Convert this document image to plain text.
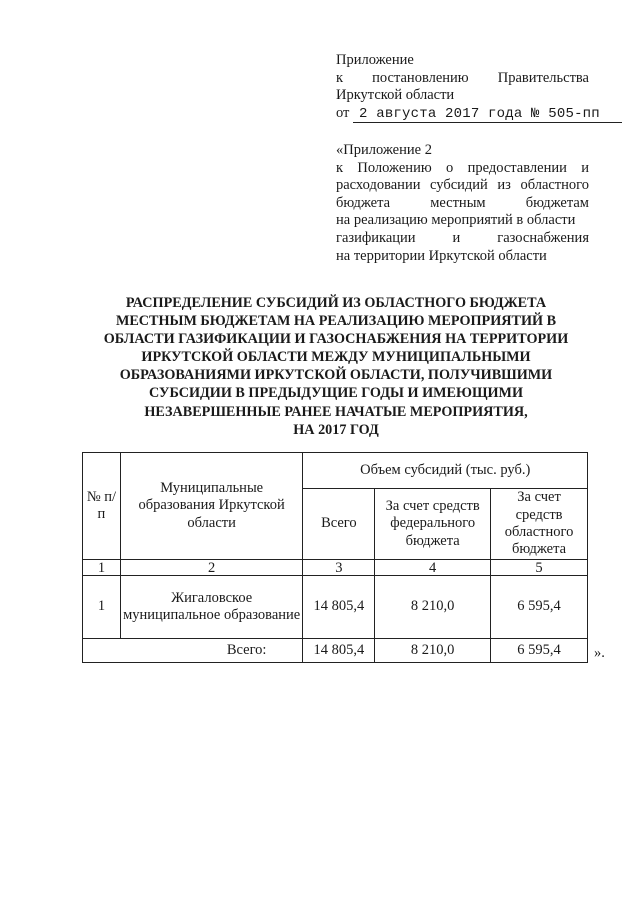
Приложение
к постановлению Правительства
Иркутской области
от 2 августа 2017 года № 505-пп
«Приложение 2
к Положению о предоставлении и
расходовании субсидий из областного
бюджета	местным	бюджетам
на реализацию мероприятий в области
газификации	и	газоснабжения
на территории Иркутской области
РАСПРЕДЕЛЕНИЕ СУБСИДИЙ ИЗ ОБЛАСТНОГО БЮДЖЕТА
МЕСТНЫМ БЮДЖЕТАМ НА РЕАЛИЗАЦИЮ МЕРОПРИЯТИЙ В
ОБЛАСТИ ГАЗИФИКАЦИИ И ГАЗОСНАБЖЕНИЯ НА ТЕРРИТОРИИ
ИРКУТСКОЙ ОБЛАСТИ МЕЖДУ МУНИЦИПАЛЬНЫМИ
ОБРАЗОВАНИЯМИ ИРКУТСКОЙ ОБЛАСТИ, ПОЛУЧИВШИМИ
СУБСИДИИ В ПРЕДЫДУЩИЕ ГОДЫ И ИМЕЮЩИМИ
НЕЗАВЕРШЕННЫЕ РАНЕЕ НАЧАТЫЕ МЕРОПРИЯТИЯ,
НА 2017 ГОД
№ п/п	Муниципальные образования Иркутской области	Объем субсидий (тыс. руб.)		
		Всего	За счет средств федерального бюджета	За счет средств областного бюджета
1	2	3	4	5
1	Жигаловское муниципальное образование	14 805,4	8 210,0	6 595,4
Всего:		14 805,4	8 210,0	6 595,4 ».
